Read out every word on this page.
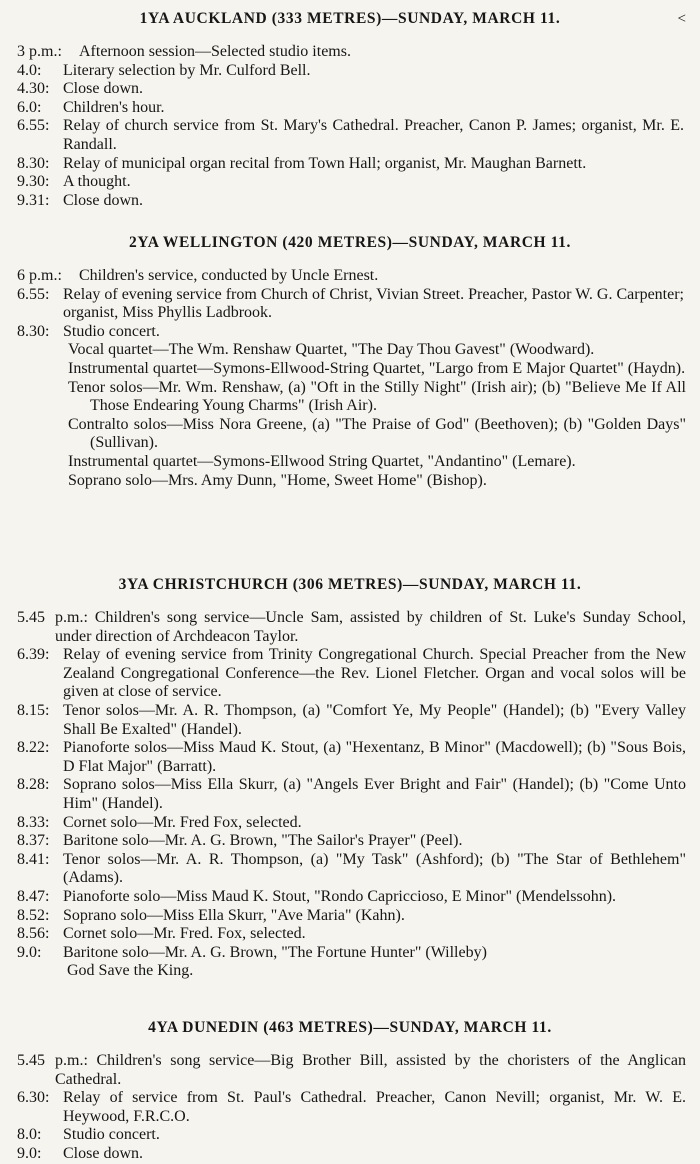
1YA AUCKLAND (333 METRES)—SUNDAY, MARCH 11.	<
3 p.m.:	Afternoon session—Selected studio items.
4.0:	Literary selection by Mr. Culford Bell.
4.30: Close down.
6.0:	Children's hour.
6.55: Relay of church service from St. Mary's Cathedral. Preacher, Canon P. James; organist, Mr. E. Randall.
8.30: Relay of municipal organ recital from Town Hall; organist, Mr. Maughan Barnett.
9.30: A thought.
9.31: Close down.
2YA WELLINGTON (420 METRES)—SUNDAY, MARCH 11.
6 p.m.:	Children's service, conducted by Uncle Ernest.
6.55: Relay of evening service from Church of Christ, Vivian Street. Preacher, Pastor W. G. Carpenter; organist, Miss Phyllis Ladbrook.
8.30: Studio concert.
Vocal quartet—The Wm. Renshaw Quartet, "The Day Thou Gavest" (Woodward).
Instrumental quartet—Symons-Ellwood-String Quartet, "Largo from E Major Quartet" (Haydn).
Tenor solos—Mr. Wm. Renshaw, (a) "Oft in the Stilly Night" (Irish air); (b) "Believe Me If All Those Endearing Young Charms" (Irish Air).
Contralto solos—Miss Nora Greene, (a) "The Praise of God" (Beethoven); (b) "Golden Days" (Sullivan).
Instrumental quartet—Symons-Ellwood String Quartet, "Andantino" (Lemare).
Soprano solo—Mrs. Amy Dunn, "Home, Sweet Home" (Bishop).
3YA CHRISTCHURCH (306 METRES)—SUNDAY, MARCH 11.
5.45 p.m.: Children's song service—Uncle Sam, assisted by children of St. Luke's Sunday School, under direction of Archdeacon Taylor.
6.39: Relay of evening service from Trinity Congregational Church. Special Preacher from the New Zealand Congregational Conference—the Rev. Lionel Fletcher. Organ and vocal solos will be given at close of service.
8.15: Tenor solos—Mr. A. R. Thompson, (a) "Comfort Ye, My People" (Handel); (b) "Every Valley Shall Be Exalted" (Handel).
8.22: Pianoforte solos—Miss Maud K. Stout, (a) "Hexentanz, B Minor" (Macdowell); (b) "Sous Bois, D Flat Major" (Barratt).
8.28: Soprano solos—Miss Ella Skurr, (a) "Angels Ever Bright and Fair" (Handel); (b) "Come Unto Him" (Handel).
8.33: Cornet solo—Mr. Fred Fox, selected.
8.37: Baritone solo—Mr. A. G. Brown, "The Sailor's Prayer" (Peel).
8.41: Tenor solos—Mr. A. R. Thompson, (a) "My Task" (Ashford); (b) "The Star of Bethlehem" (Adams).
8.47: Pianoforte solo—Miss Maud K. Stout, "Rondo Capriccioso, E Minor" (Mendelssohn).
8.52: Soprano solo—Miss Ella Skurr, "Ave Maria" (Kahn).
8.56: Cornet solo—Mr. Fred. Fox, selected.
9.0:	Baritone solo—Mr. A. G. Brown, "The Fortune Hunter" (Willeby)
God Save the King.
4YA DUNEDIN (463 METRES)—SUNDAY, MARCH 11.
5.45 p.m.: Children's song service—Big Brother Bill, assisted by the choristers of the Anglican Cathedral.
6.30: Relay of service from St. Paul's Cathedral. Preacher, Canon Nevill; organist, Mr. W. E. Heywood, F.R.C.O.
8.0:	Studio concert.
9.0:	Close down.
